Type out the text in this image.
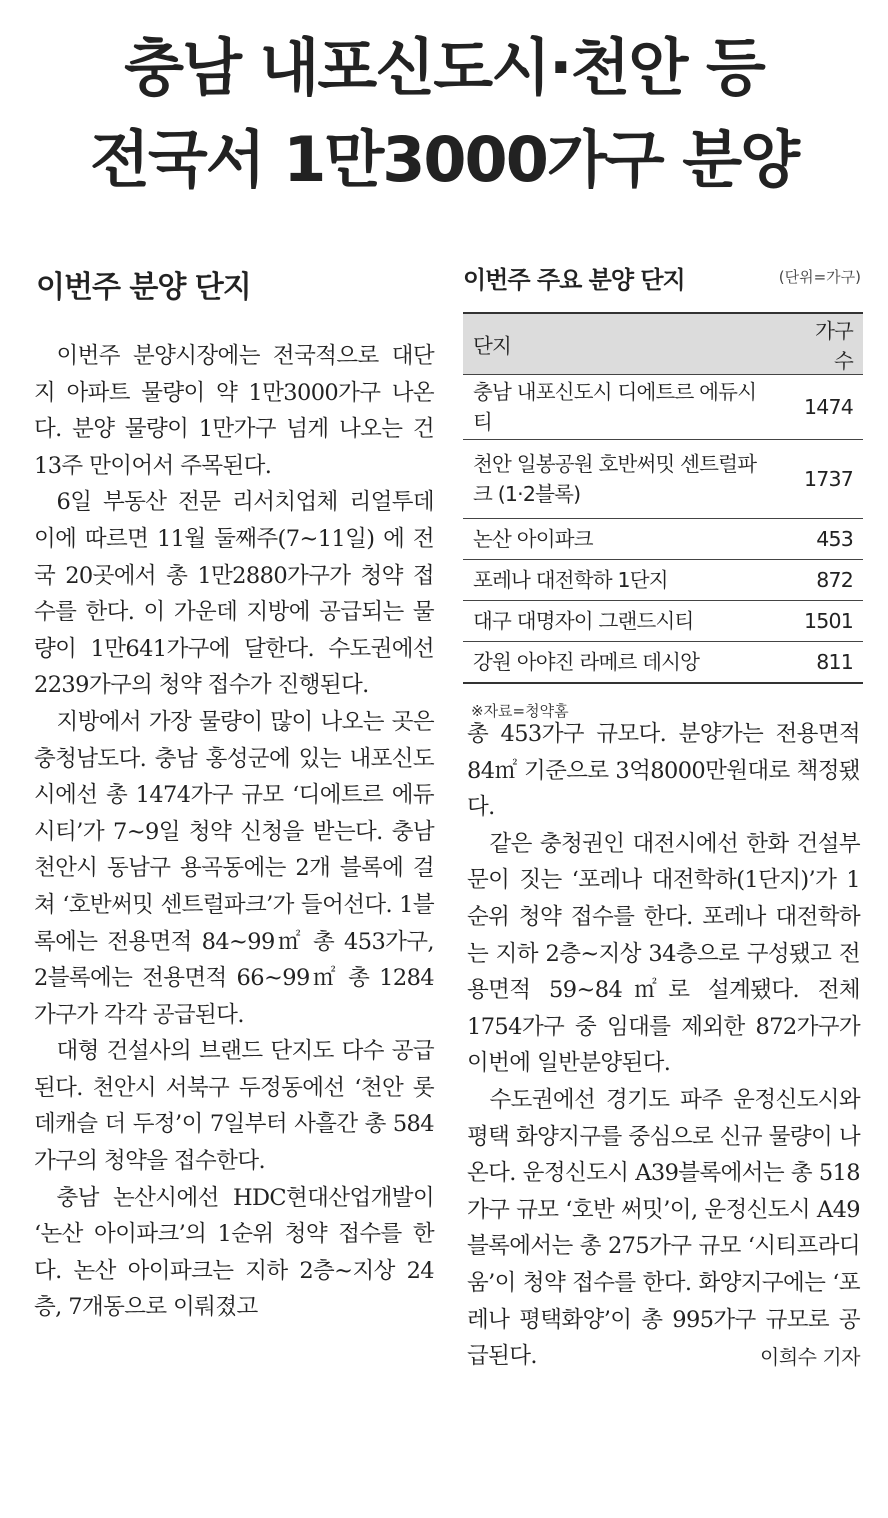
충남 내포신도시·천안 등
전국서 1만3000가구 분양
이번주 분양 단지

이번주 분양시장에는 전국적으로 대단지 아파트 물량이 약 1만3000가구 나온다. 분양 물량이 1만가구 넘게 나오는 건 13주 만이어서 주목된다.

6일 부동산 전문 리서치업체 리얼투데이에 따르면 11월 둘째주(7~11일) 에 전국 20곳에서 총 1만2880가구가 청약 접수를 한다. 이 가운데 지방에 공급되는 물량이 1만641가구에 달한다. 수도권에선 2239가구의 청약 접수가 진행된다.

지방에서 가장 물량이 많이 나오는 곳은 충청남도다. 충남 홍성군에 있는 내포신도시에선 총 1474가구 규모 ‘디에트르 에듀시티’가 7~9일 청약 신청을 받는다. 충남 천안시 동남구 용곡동에는 2개 블록에 걸쳐 ‘호반써밋 센트럴파크’가 들어선다. 1블록에는 전용면적 84~99㎡ 총 453가구, 2블록에는 전용면적 66~99㎡ 총 1284가구가 각각 공급된다.

대형 건설사의 브랜드 단지도 다수 공급된다. 천안시 서북구 두정동에선 ‘천안 롯데캐슬 더 두정’이 7일부터 사흘간 총 584가구의 청약을 접수한다.

충남 논산시에선 HDC현대산업개발이 ‘논산 아이파크’의 1순위 청약 접수를 한다. 논산 아이파크는 지하 2층~지상 24층, 7개동으로 이뤄졌고

이번주 주요 분양 단지	(단위=가구)
단지	가구 수
충남 내포신도시 디에트르 에듀시티	1474
천안 일봉공원 호반써밋 센트럴파크 (1·2블록)	1737
논산 아이파크	453
포레나 대전학하 1단지	872
대구 대명자이 그랜드시티	1501
강원 아야진 라메르 데시앙	811
※자료=청약홈

총 453가구 규모다. 분양가는 전용면적 84㎡ 기준으로 3억8000만원대로 책정됐다.

같은 충청권인 대전시에선 한화 건설부문이 짓는 ‘포레나 대전학하(1단지)’가 1순위 청약 접수를 한다. 포레나 대전학하는 지하 2층~지상 34층으로 구성됐고 전용면적 59~84㎡로 설계됐다. 전체 1754가구 중 임대를 제외한 872가구가 이번에 일반분양된다.

수도권에선 경기도 파주 운정신도시와 평택 화양지구를 중심으로 신규 물량이 나온다. 운정신도시 A39블록에서는 총 518가구 규모 ‘호반 써밋’이, 운정신도시 A49 블록에서는 총 275가구 규모 ‘시티프라디움’이 청약 접수를 한다. 화양지구에는 ‘포레나 평택화양’이 총 995가구 규모로 공급된다.	이희수 기자
